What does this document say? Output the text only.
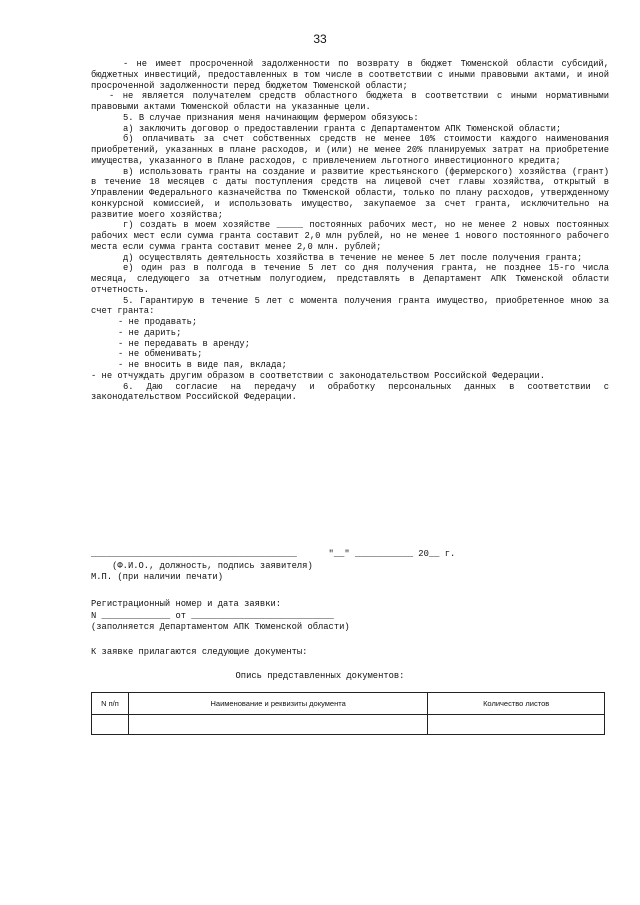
33

- не имеет просроченной задолженности по возврату в бюджет Тюменской области субсидий, бюджетных инвестиций, предоставленных в том числе в соответствии с иными правовыми актами, и иной просроченной задолженности перед бюджетом Тюменской области;

- не является получателем средств областного бюджета в соответствии с иными нормативными правовыми актами Тюменской области на указанные цели.

5. В случае признания меня начинающим фермером обязуюсь:

а) заключить договор о предоставлении гранта с Департаментом АПК Тюменской области;

б) оплачивать за счет собственных средств не менее 10% стоимости каждого наименования приобретений, указанных в плане расходов, и (или) не менее 20% планируемых затрат на приобретение имущества, указанного в Плане расходов, с привлечением льготного инвестиционного кредита;

в) использовать гранты на создание и развитие крестьянского (фермерского) хозяйства (грант) в течение 18 месяцев с даты поступления средств на лицевой счет главы хозяйства, открытый в Управлении Федерального казначейства по Тюменской области, только по плану расходов, утвержденному конкурсной комиссией, и использовать имущество, закупаемое за счет гранта, исключительно на развитие моего хозяйства;

г) создать в моем хозяйстве _____ постоянных рабочих мест, но не менее 2 новых постоянных рабочих мест если сумма гранта составит 2,0 млн рублей, но не менее 1 нового постоянного рабочего места если сумма гранта составит менее 2,0 млн. рублей;

д) осуществлять деятельность хозяйства в течение не менее 5 лет после получения гранта;

е) один раз в полгода в течение 5 лет со дня получения гранта, не позднее 15-го числа месяца, следующего за отчетным полугодием, представлять в Департамент АПК Тюменской области отчетность.

5. Гарантирую в течение 5 лет с момента получения гранта имущество, приобретенное мною за счет гранта:

- не продавать;

- не дарить;

- не передавать в аренду;

- не обменивать;

- не вносить в виде пая, вклада;

- не отчуждать другим образом в соответствии с законодательством Российской Федерации.

6. Даю согласие на передачу и обработку персональных данных в соответствии с законодательством Российской Федерации.

_______________________________________      "__" ___________ 20__ г.
(Ф.И.О., должность, подпись заявителя)
М.П. (при наличии печати)
Регистрационный номер и дата заявки:
N _____________ от ___________________________
(заполняется Департаментом АПК Тюменской области)
К заявке прилагаются следующие документы:
Опись представленных документов:
N п/п	Наименование и реквизиты документа	Количество листов
